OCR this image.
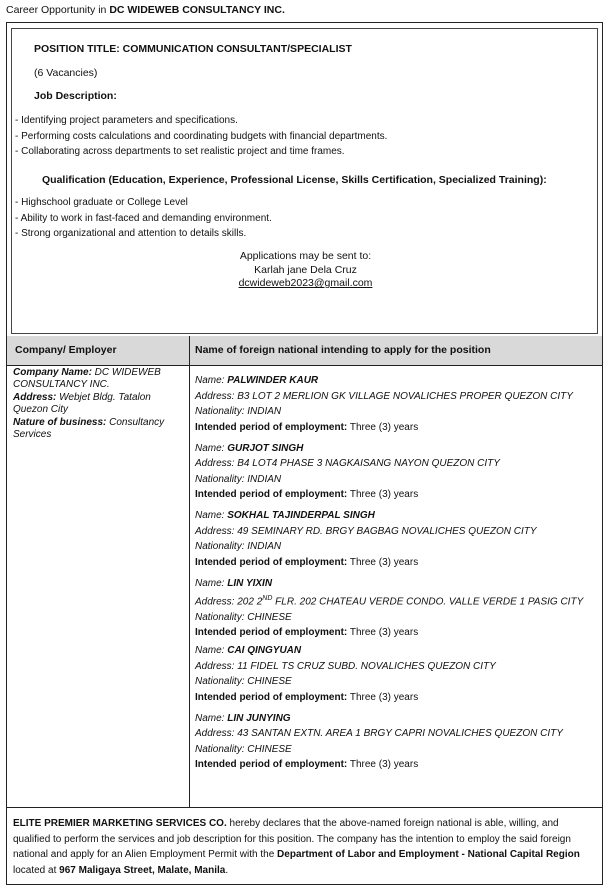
Career Opportunity in DC WIDEWEB CONSULTANCY INC.
POSITION TITLE: COMMUNICATION CONSULTANT/SPECIALIST
(6 Vacancies)
Job Description:
- Identifying project parameters and specifications.
- Performing costs calculations and coordinating budgets with financial departments.
- Collaborating across departments to set realistic project and time frames.
Qualification (Education, Experience, Professional License, Skills Certification, Specialized Training):
- Highschool graduate or College Level
- Ability to work in fast-faced and demanding environment.
- Strong organizational and attention to details skills.
Applications may be sent to:
Karlah jane Dela Cruz
dcwideweb2023@gmail.com
Company/ Employer	Name of foreign national intending to apply for the position
Company Name: DC WIDEWEB CONSULTANCY INC.
Address: Webjet Bldg. Tatalon Quezon City
Nature of business: Consultancy Services
Name: PALWINDER KAUR
Address: B3 LOT 2 MERLION GK VILLAGE NOVALICHES PROPER QUEZON CITY
Nationality: INDIAN
Intended period of employment: Three (3) years
Name: GURJOT SINGH
Address: B4 LOT4 PHASE 3 NAGKAISANG NAYON QUEZON CITY
Nationality: INDIAN
Intended period of employment: Three (3) years
Name: SOKHAL TAJINDERPAL SINGH
Address: 49 SEMINARY RD. BRGY BAGBAG NOVALICHES QUEZON CITY
Nationality: INDIAN
Intended period of employment: Three (3) years
Name: LIN YIXIN
Address: 202 2ND FLR. 202 CHATEAU VERDE CONDO. VALLE VERDE 1 PASIG CITY
Nationality: CHINESE
Intended period of employment: Three (3) years
Name: CAI QINGYUAN
Address: 11 FIDEL TS CRUZ SUBD. NOVALICHES QUEZON CITY
Nationality: CHINESE
Intended period of employment: Three (3) years
Name: LIN JUNYING
Address: 43 SANTAN EXTN. AREA 1 BRGY CAPRI NOVALICHES QUEZON CITY
Nationality: CHINESE
Intended period of employment: Three (3) years

ELITE PREMIER MARKETING SERVICES CO. hereby declares that the above-named foreign national is able, willing, and qualified to perform the services and job description for this position. The company has the intention to employ the said foreign national and apply for an Alien Employment Permit with the Department of Labor and Employment - National Capital Region located at 967 Maligaya Street, Malate, Manila.
